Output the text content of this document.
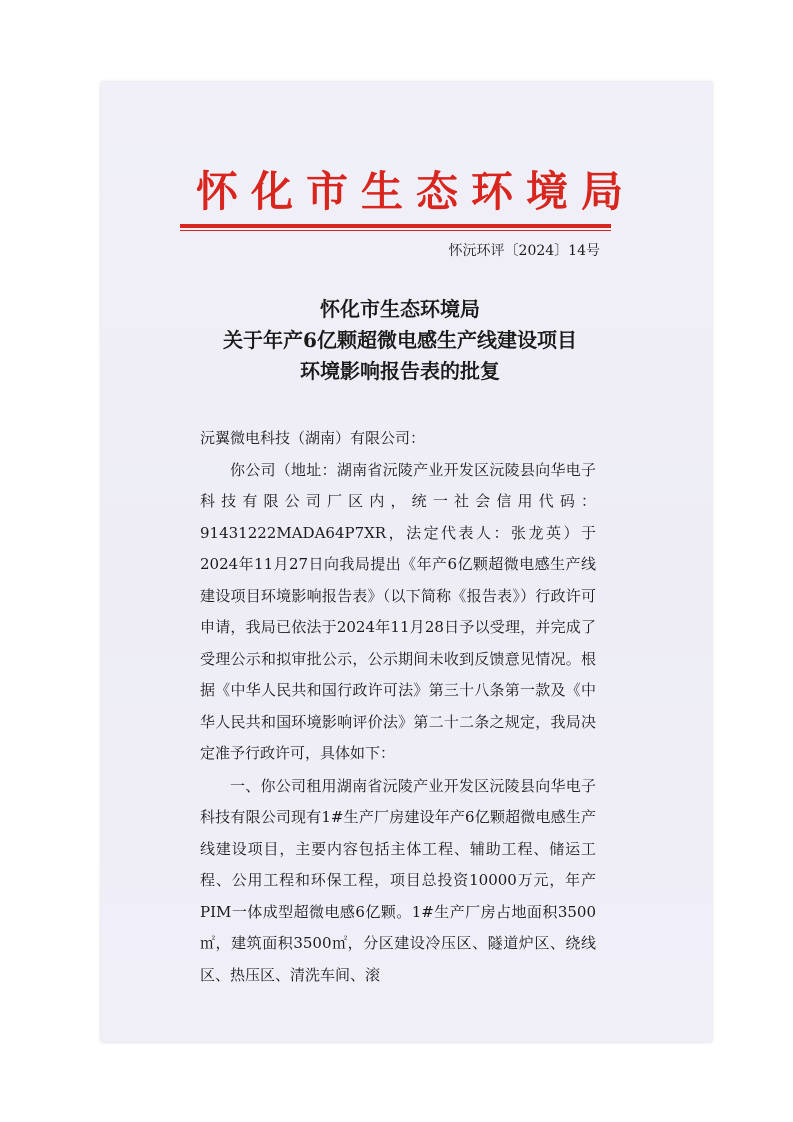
怀化市生态环境局
怀沅环评〔2024〕14号
怀化市生态环境局
关于年产6亿颗超微电感生产线建设项目
环境影响报告表的批复

沅翼微电科技（湖南）有限公司：

你公司（地址：湖南省沅陵产业开发区沅陵县向华电子科技有限公司厂区内，统一社会信用代码：91431222MADA64P7XR，法定代表人：张龙英）于2024年11月27日向我局提出《年产6亿颗超微电感生产线建设项目环境影响报告表》（以下简称《报告表》）行政许可申请，我局已依法于2024年11月28日予以受理，并完成了受理公示和拟审批公示，公示期间未收到反馈意见情况。根据《中华人民共和国行政许可法》第三十八条第一款及《中华人民共和国环境影响评价法》第二十二条之规定，我局决定准予行政许可，具体如下：

一、你公司租用湖南省沅陵产业开发区沅陵县向华电子科技有限公司现有1#生产厂房建设年产6亿颗超微电感生产线建设项目，主要内容包括主体工程、辅助工程、储运工程、公用工程和环保工程，项目总投资10000万元，年产PIM一体成型超微电感6亿颗。1#生产厂房占地面积3500㎡，建筑面积3500㎡，分区建设冷压区、隧道炉区、绕线区、热压区、清洗车间、滚
